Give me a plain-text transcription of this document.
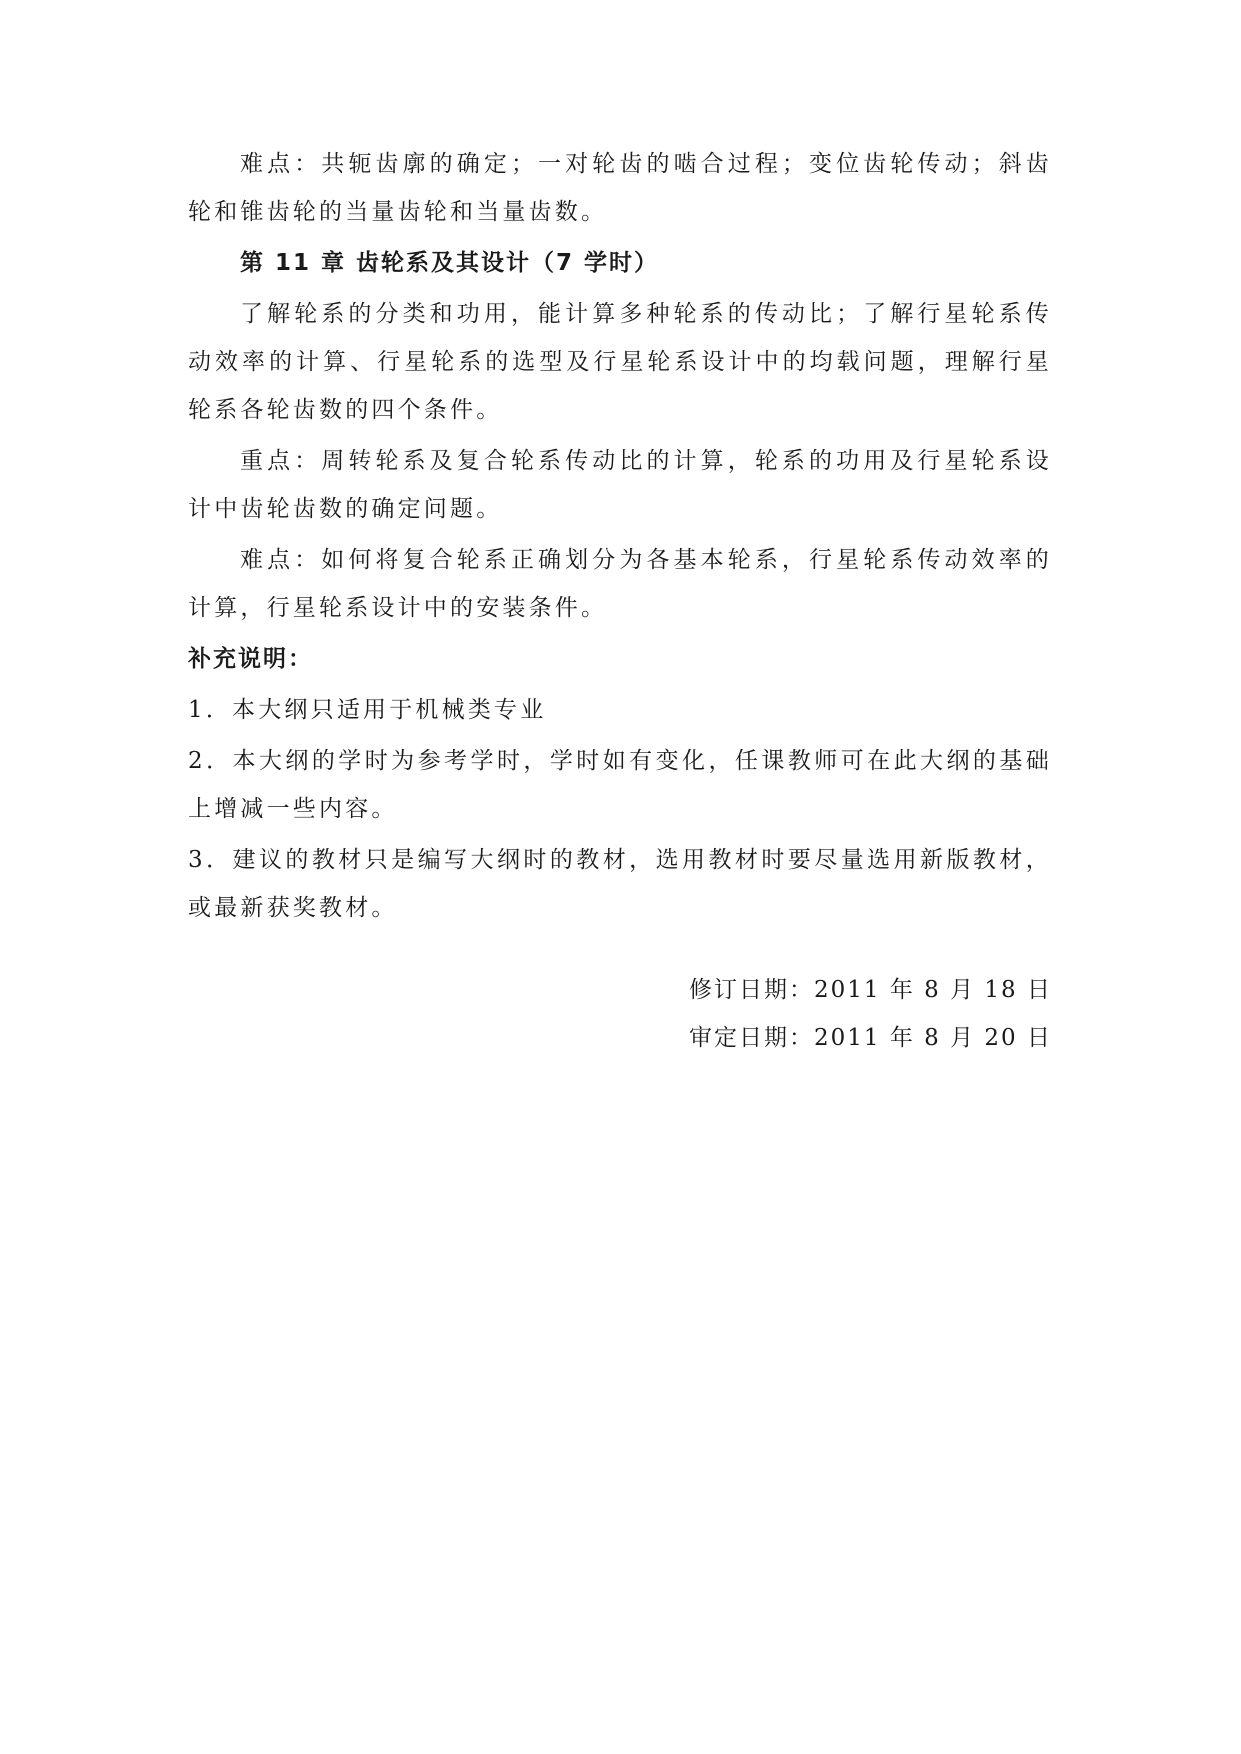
难点：共轭齿廓的确定；一对轮齿的啮合过程；变位齿轮传动；斜齿轮和锥齿轮的当量齿轮和当量齿数。

第 11 章 齿轮系及其设计（7 学时）

了解轮系的分类和功用，能计算多种轮系的传动比；了解行星轮系传动效率的计算、行星轮系的选型及行星轮系设计中的均载问题，理解行星轮系各轮齿数的四个条件。

重点：周转轮系及复合轮系传动比的计算，轮系的功用及行星轮系设计中齿轮齿数的确定问题。

难点：如何将复合轮系正确划分为各基本轮系，行星轮系传动效率的计算，行星轮系设计中的安装条件。

补充说明：

1．本大纲只适用于机械类专业

2．本大纲的学时为参考学时，学时如有变化，任课教师可在此大纲的基础上增减一些内容。

3．建议的教材只是编写大纲时的教材，选用教材时要尽量选用新版教材，或最新获奖教材。

修订日期：2011 年 8 月 18 日
审定日期：2011 年 8 月 20 日
